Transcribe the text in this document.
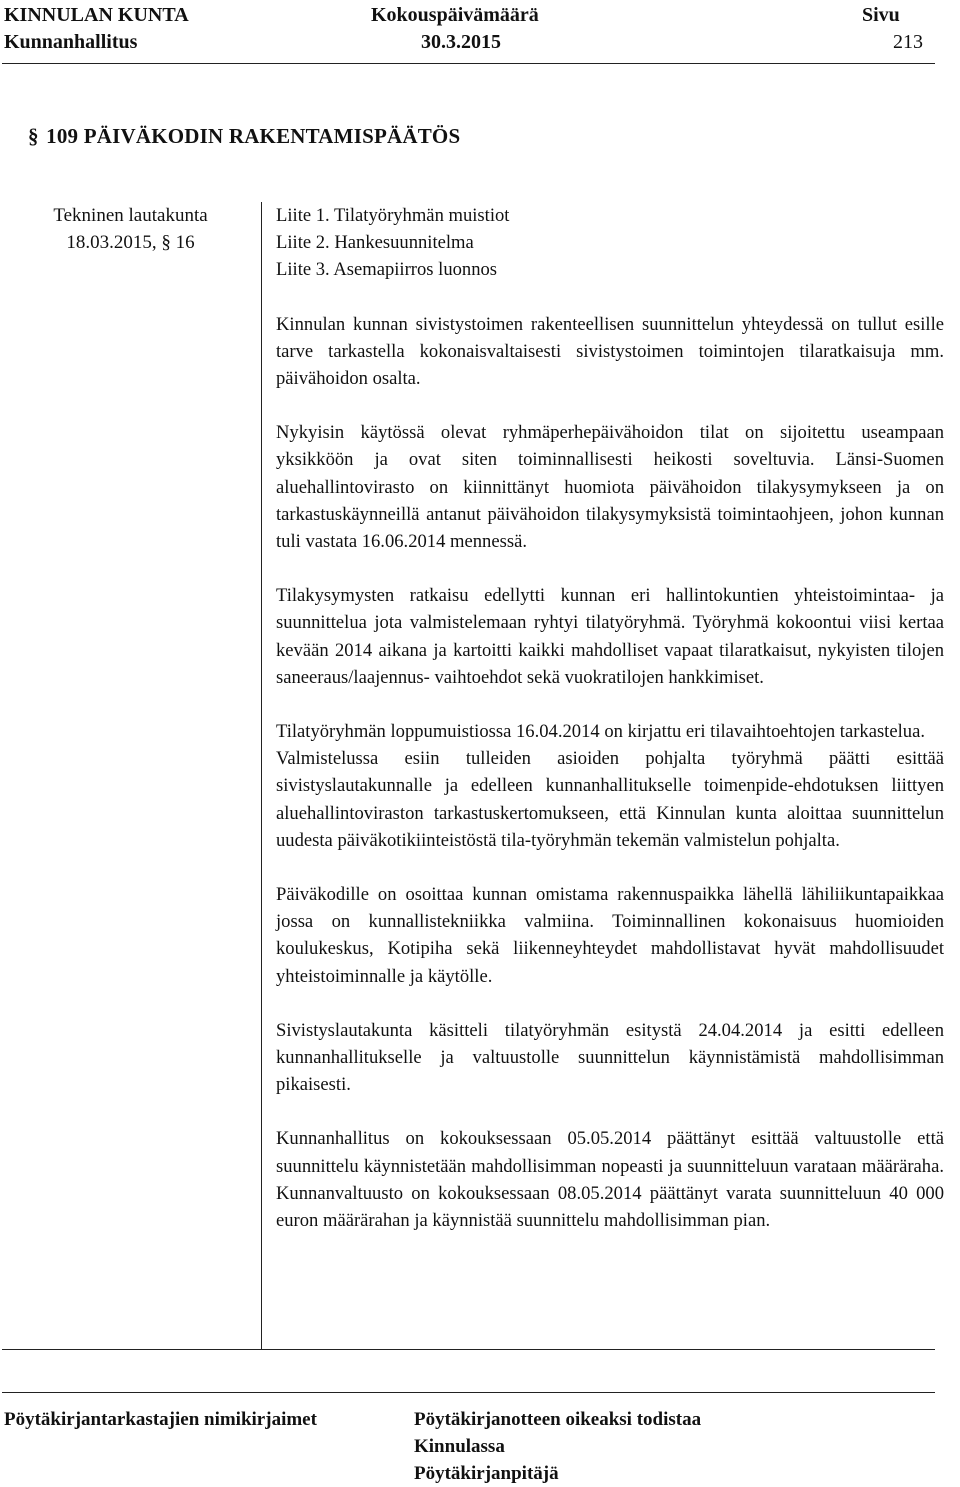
KINNULAN KUNTA
Kunnanhallitus
Kokouspäivämäärä
30.3.2015
Sivu
213
§ 109 PÄIVÄKODIN RAKENTAMISPÄÄTÖS
Tekninen lautakunta
18.03.2015, § 16
Liite 1. Tilatyöryhmän muistiot
Liite 2. Hankesuunnitelma
Liite 3. Asemapiirros luonnos

Kinnulan kunnan sivistystoimen rakenteellisen suunnittelun yhteydessä on tullut esille tarve tarkastella kokonaisvaltaisesti sivistystoimen toimintojen tilaratkaisuja mm. päivähoidon osalta.

Nykyisin käytössä olevat ryhmäperhepäivähoidon tilat on sijoitettu useampaan yksikköön ja ovat siten toiminnallisesti heikosti soveltuvia. Länsi-Suomen aluehallintovirasto on kiinnittänyt huomiota päivähoidon tilakysymykseen ja on tarkastuskäynneillä antanut päivähoidon tilakysymyksistä toimintaohjeen, johon kunnan tuli vastata 16.06.2014 mennessä.

Tilakysymysten ratkaisu edellytti kunnan eri hallintokuntien yhteistoimintaa- ja suunnittelua jota valmistelemaan ryhtyi tilatyöryhmä. Työryhmä kokoontui viisi kertaa kevään 2014 aikana ja kartoitti kaikki mahdolliset vapaat tilaratkaisut, nykyisten tilojen saneeraus/laajennus- vaihtoehdot sekä vuokratilojen hankkimiset.

Tilatyöryhmän loppumuistiossa 16.04.2014 on kirjattu eri tilavaihtoehtojen tarkastelua.

Valmistelussa esiin tulleiden asioiden pohjalta työryhmä päätti esittää sivistyslautakunnalle ja edelleen kunnanhallitukselle toimenpide-ehdotuksen liittyen aluehallintoviraston tarkastuskertomukseen, että Kinnulan kunta aloittaa suunnittelun uudesta päiväkotikiinteistöstä tila-työryhmän tekemän valmistelun pohjalta.

Päiväkodille on osoittaa kunnan omistama rakennuspaikka lähellä lähiliikuntapaikkaa jossa on kunnallistekniikka valmiina. Toiminnallinen kokonaisuus huomioiden koulukeskus, Kotipiha sekä liikenneyhteydet mahdollistavat hyvät mahdollisuudet yhteistoiminnalle ja käytölle.

Sivistyslautakunta käsitteli tilatyöryhmän esitystä 24.04.2014 ja esitti edelleen kunnanhallitukselle ja valtuustolle suunnittelun käynnistämistä mahdollisimman pikaisesti.

Kunnanhallitus on kokouksessaan 05.05.2014 päättänyt esittää valtuustolle että suunnittelu käynnistetään mahdollisimman nopeasti ja suunnitteluun varataan määräraha. Kunnanvaltuusto on kokouksessaan 08.05.2014 päättänyt varata suunnitteluun 40 000 euron määrärahan ja käynnistää suunnittelu mahdollisimman pian.

Pöytäkirjantarkastajien nimikirjaimet	Pöytäkirjanotteen oikeaksi todistaa
Kinnulassa
Pöytäkirjanpitäjä
